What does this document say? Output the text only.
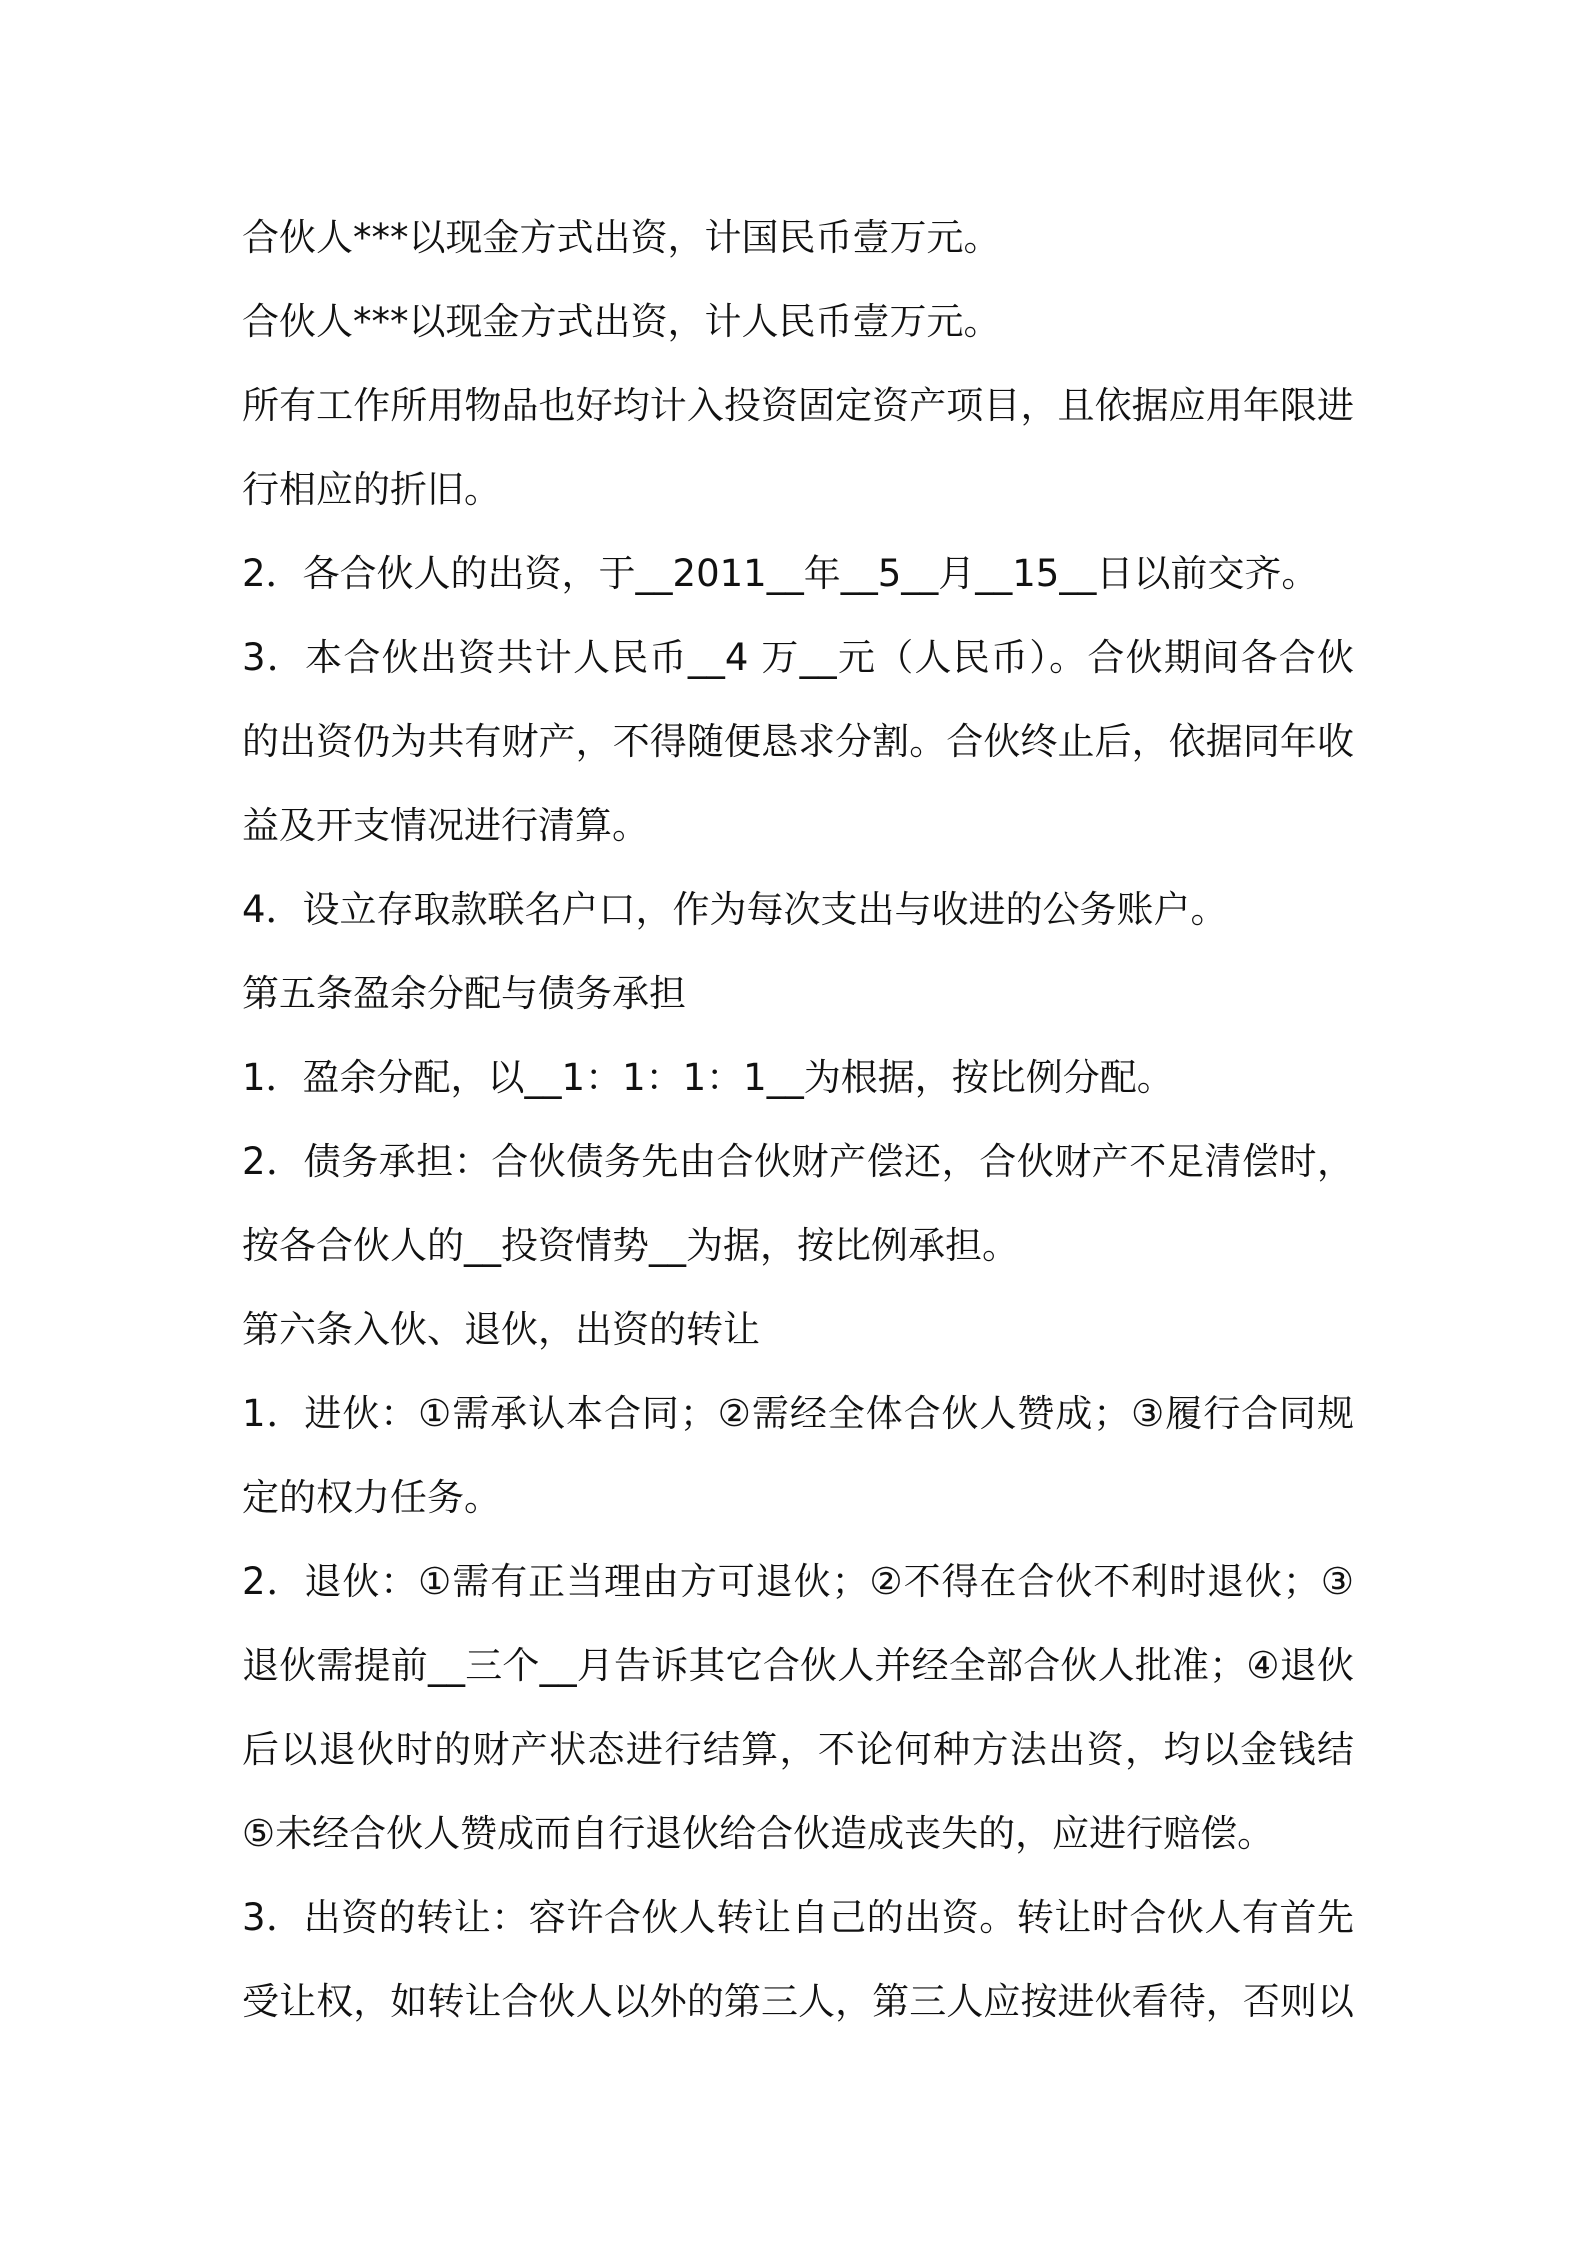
合伙人***以现金方式出资，计国民币壹万元。
合伙人***以现金方式出资，计人民币壹万元。
所有工作所用物品也好均计入投资固定资产项目，且依据应用年限进
行相应的折旧。
2．各合伙人的出资，于__2011__年__5__月__15__日以前交齐。
3．本合伙出资共计人民币__4 万__元（人民币）。合伙期间各合伙
的出资仍为共有财产，不得随便恳求分割。合伙终止后，依据同年收
益及开支情况进行清算。
4．设立存取款联名户口，作为每次支出与收进的公务账户。
第五条盈余分配与债务承担
1．盈余分配，以__1：1：1：1__为根据，按比例分配。
2．债务承担：合伙债务先由合伙财产偿还，合伙财产不足清偿时，
按各合伙人的__投资情势__为据，按比例承担。
第六条入伙、退伙，出资的转让
1．进伙：①需承认本合同；②需经全体合伙人赞成；③履行合同规
定的权力任务。
2．退伙：①需有正当理由方可退伙；②不得在合伙不利时退伙；③
退伙需提前__三个__月告诉其它合伙人并经全部合伙人批准；④退伙
后以退伙时的财产状态进行结算，不论何种方法出资，均以金钱结
⑤未经合伙人赞成而自行退伙给合伙造成丧失的，应进行赔偿。
3．出资的转让：容许合伙人转让自己的出资。转让时合伙人有首先
受让权，如转让合伙人以外的第三人，第三人应按进伙看待，否则以
